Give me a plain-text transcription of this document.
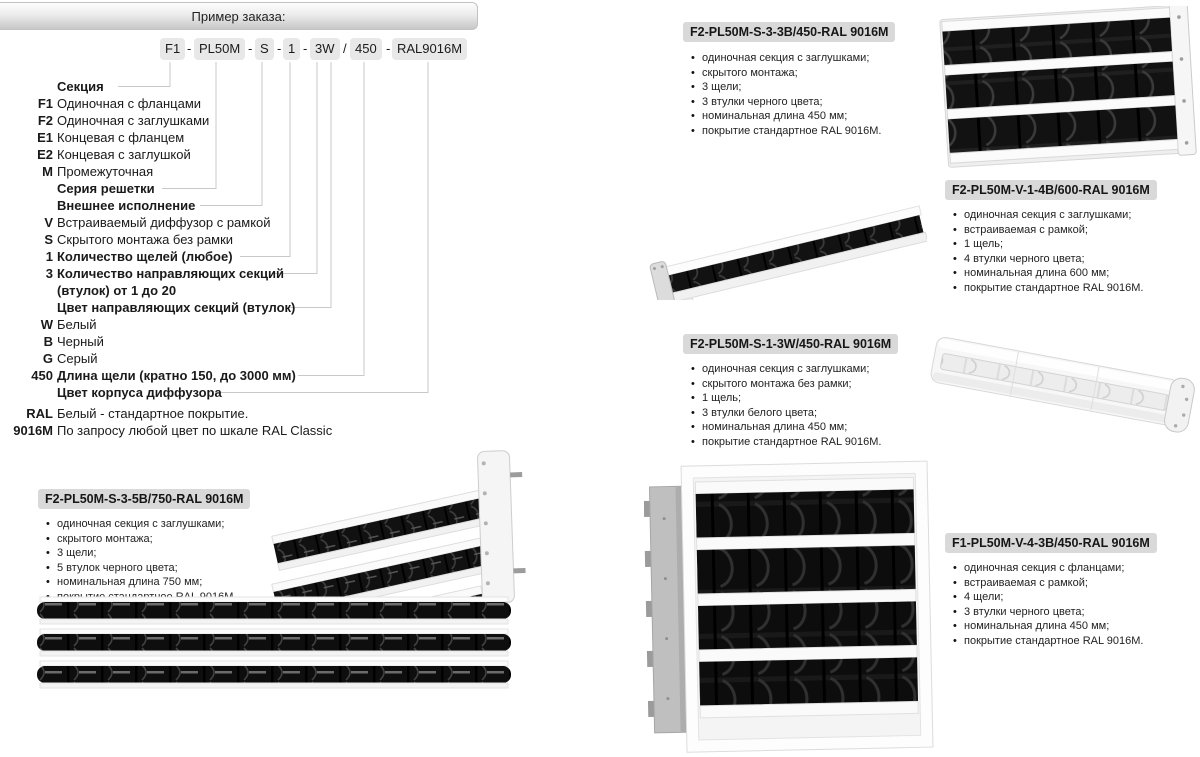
Пример заказа:
F1 - PL50M - S - 1 - 3W / 450 - RAL9016M
Секция
F1 Одиночная с фланцами
F2 Одиночная с заглушками
E1 Концевая с фланцем
E2 Концевая с заглушкой
M Промежуточная
Серия решетки
Внешнее исполнение
V Встраиваемый диффузор с рамкой
S Скрытого монтажа без рамки
1 Количество щелей (любое)
3 Количество направляющих секций
(втулок) от 1 до 20
Цвет направляющих секций (втулок)
W Белый
B Черный
G Серый
450 Длина щели (кратно 150, до 3000 мм)
Цвет корпуса диффузора
RAL Белый - стандартное покрытие.
9016M По запросу любой цвет по шкале RAL Classic
F2-PL50M-S-3-3B/450-RAL 9016M
• одиночная секция с заглушками;
• скрытого монтажа;
• 3 щели;
• 3 втулки черного цвета;
• номинальная длина 450 мм;
• покрытие стандартное RAL 9016M.
F2-PL50M-V-1-4B/600-RAL 9016M
• одиночная секция с заглушками;
• встраиваемая с рамкой;
• 1 щель;
• 4 втулки черного цвета;
• номинальная длина 600 мм;
• покрытие стандартное RAL 9016M.
F2-PL50M-S-1-3W/450-RAL 9016M
• одиночная секция с заглушками;
• скрытого монтажа без рамки;
• 1 щель;
• 3 втулки белого цвета;
• номинальная длина 450 мм;
• покрытие стандартное RAL 9016M.
F2-PL50M-S-3-5B/750-RAL 9016M
• одиночная секция с заглушками;
• скрытого монтажа;
• 3 щели;
• 5 втулок черного цвета;
• номинальная длина 750 мм;
•
F1-PL50M-V-4-3B/450-RAL 9016M
• одиночная секция с фланцами;
• встраиваемая с рамкой;
• 4 щели;
• 3 втулки черного цвета;
• номинальная длина 450 мм;
• покрытие стандартное RAL 9016M.
